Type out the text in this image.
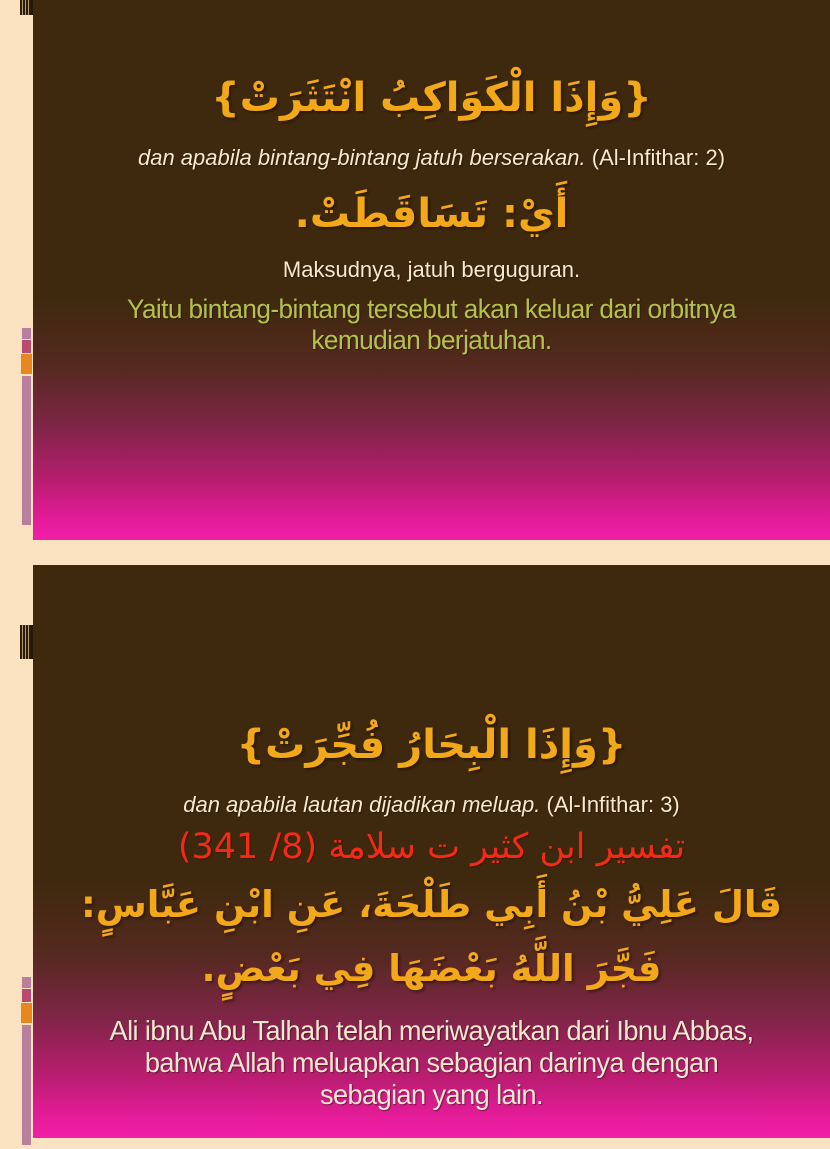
{وَإِذَا الْكَوَاكِبُ انْتَثَرَتْ}
dan apabila bintang-bintang jatuh berserakan. (Al-Infithar: 2)
أَيْ: تَسَاقَطَتْ.
Maksudnya, jatuh berguguran.
Yaitu bintang-bintang tersebut akan keluar dari orbitnya
kemudian berjatuhan.
{وَإِذَا الْبِحَارُ فُجِّرَتْ}
dan apabila lautan dijadikan meluap. (Al-Infithar: 3)
تفسير ابن كثير ت سلامة (8/ 341)
قَالَ عَلِيُّ بْنُ أَبِي طَلْحَةَ، عَنِ ابْنِ عَبَّاسٍ:
فَجَّرَ اللَّهُ بَعْضَهَا فِي بَعْضٍ.
Ali ibnu Abu Talhah telah meriwayatkan dari Ibnu Abbas,
bahwa Allah meluapkan sebagian darinya dengan
sebagian yang lain.
